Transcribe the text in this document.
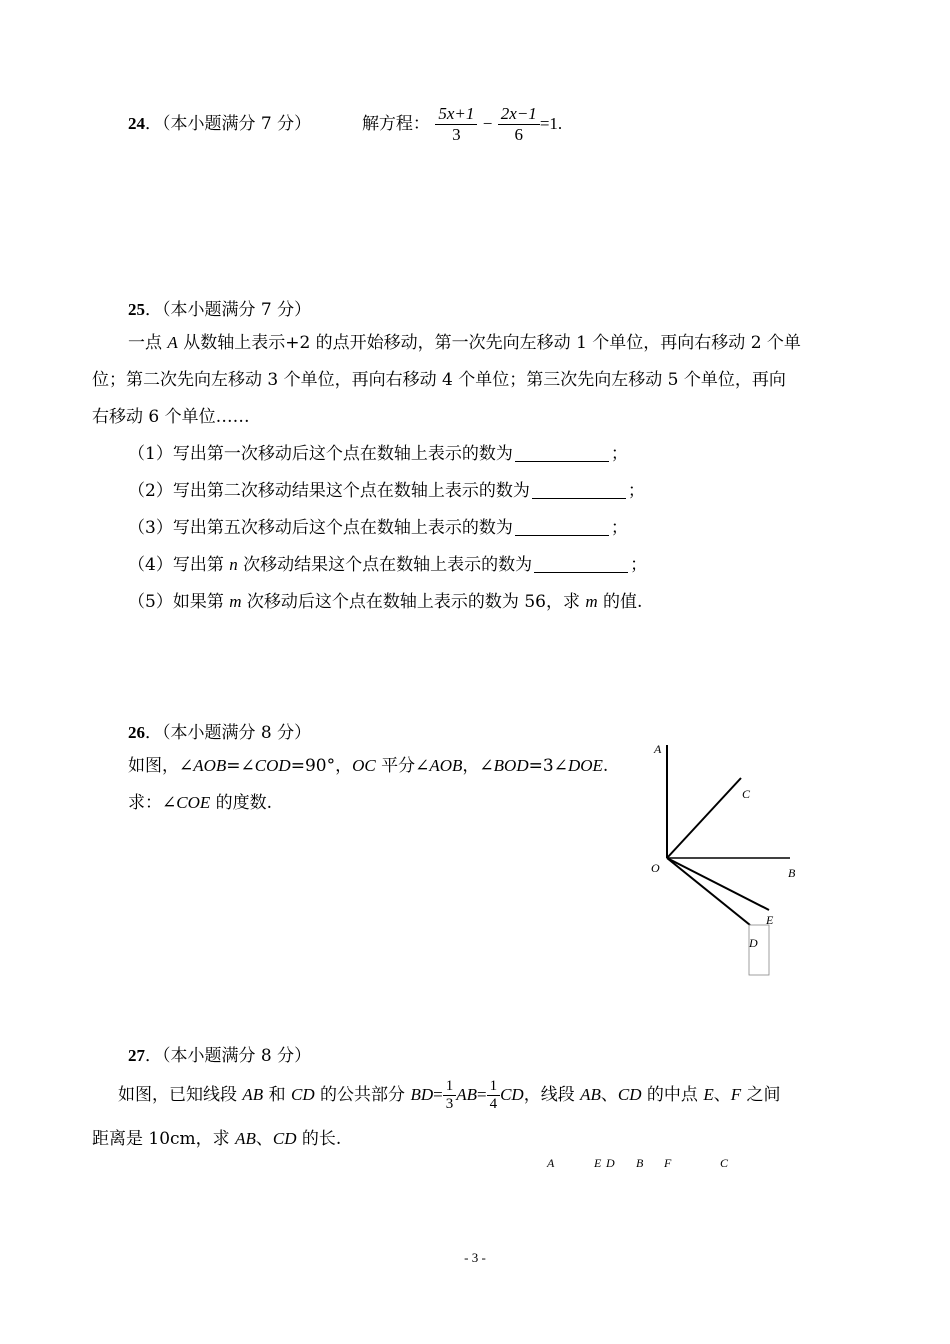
24．（本小题满分 7 分）	解方程： $\frac{5x+1}{3} - \frac{2x-1}{6} =1$.
25．（本小题满分 7 分）
一点 A 从数轴上表示+2 的点开始移动，第一次先向左移动 1 个单位，再向右移动 2 个单
位；第二次先向左移动 3 个单位，再向右移动 4 个单位；第三次先向左移动 5 个单位，再向
右移动 6 个单位……
（1）写出第一次移动后这个点在数轴上表示的数为	；
（2）写出第二次移动结果这个点在数轴上表示的数为	；
（3）写出第五次移动后这个点在数轴上表示的数为	；
（4）写出第 n 次移动结果这个点在数轴上表示的数为	；
（5）如果第 m 次移动后这个点在数轴上表示的数为 56，求 m 的值.
26．（本小题满分 8 分）
如图，∠AOB=∠COD=90°，OC 平分∠AOB，∠BOD=3∠DOE.
求：∠COE 的度数.
A
C
O	B
E
D
27．（本小题满分 8 分）
如图，已知线段 AB 和 CD 的公共部分 $BD= \frac{1}{3} AB= \frac{1}{4}$ CD，线段 AB、CD 的中点 E、F 之间
距离是 10cm，求 AB、CD 的长.
A	E D B F	C
- 3 -
